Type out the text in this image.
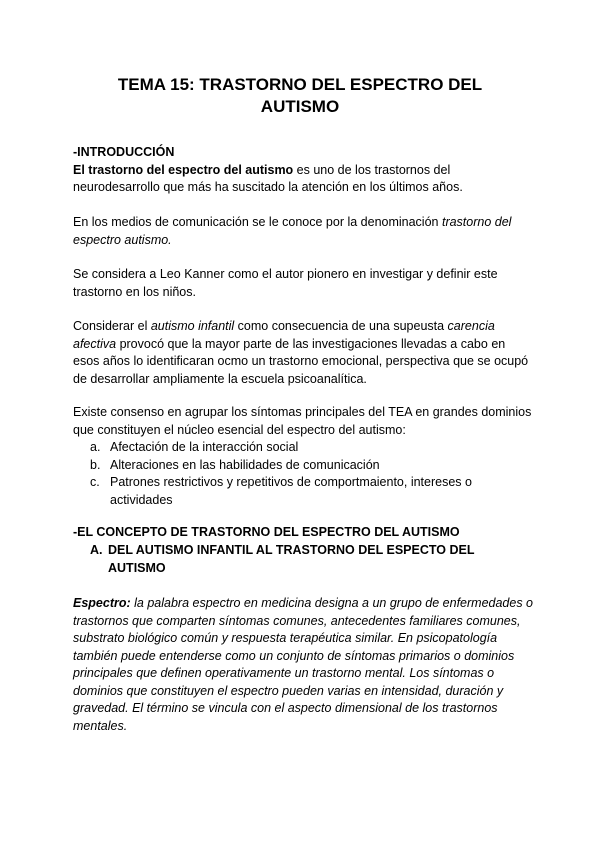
TEMA 15: TRASTORNO DEL ESPECTRO DEL
AUTISMO
-INTRODUCCIÓN
El trastorno del espectro del autismo es uno de los trastornos del neurodesarrollo que más ha suscitado la atención en los últimos años.
En los medios de comunicación se le conoce por la denominación trastorno del espectro autismo.
Se considera a Leo Kanner como el autor pionero en investigar y definir este trastorno en los niños.
Considerar el autismo infantil como consecuencia de una supeusta carencia afectiva provocó que la mayor parte de las investigaciones llevadas a cabo en esos años lo identificaran ocmo un trastorno emocional, perspectiva que se ocupó de desarrollar ampliamente la escuela psicoanalítica.
Existe consenso en agrupar los síntomas principales del TEA en grandes dominios que constituyen el núcleo esencial del espectro del autismo:
a. Afectación de la interacción social
b. Alteraciones en las habilidades de comunicación
c. Patrones restrictivos y repetitivos de comportmaiento, intereses o actividades
-EL CONCEPTO DE TRASTORNO DEL ESPECTRO DEL AUTISMO
A. DEL AUTISMO INFANTIL AL TRASTORNO DEL ESPECTO DEL AUTISMO
Espectro: la palabra espectro en medicina designa a un grupo de enfermedades o trastornos que comparten síntomas comunes, antecedentes familiares comunes, substrato biológico común y respuesta terapéutica similar. En psicopatología también puede entenderse como un conjunto de síntomas primarios o dominios principales que definen operativamente un trastorno mental. Los síntomas o dominios que constituyen el espectro pueden varias en intensidad, duración y gravedad. El término se vincula con el aspecto dimensional de los trastornos mentales.
